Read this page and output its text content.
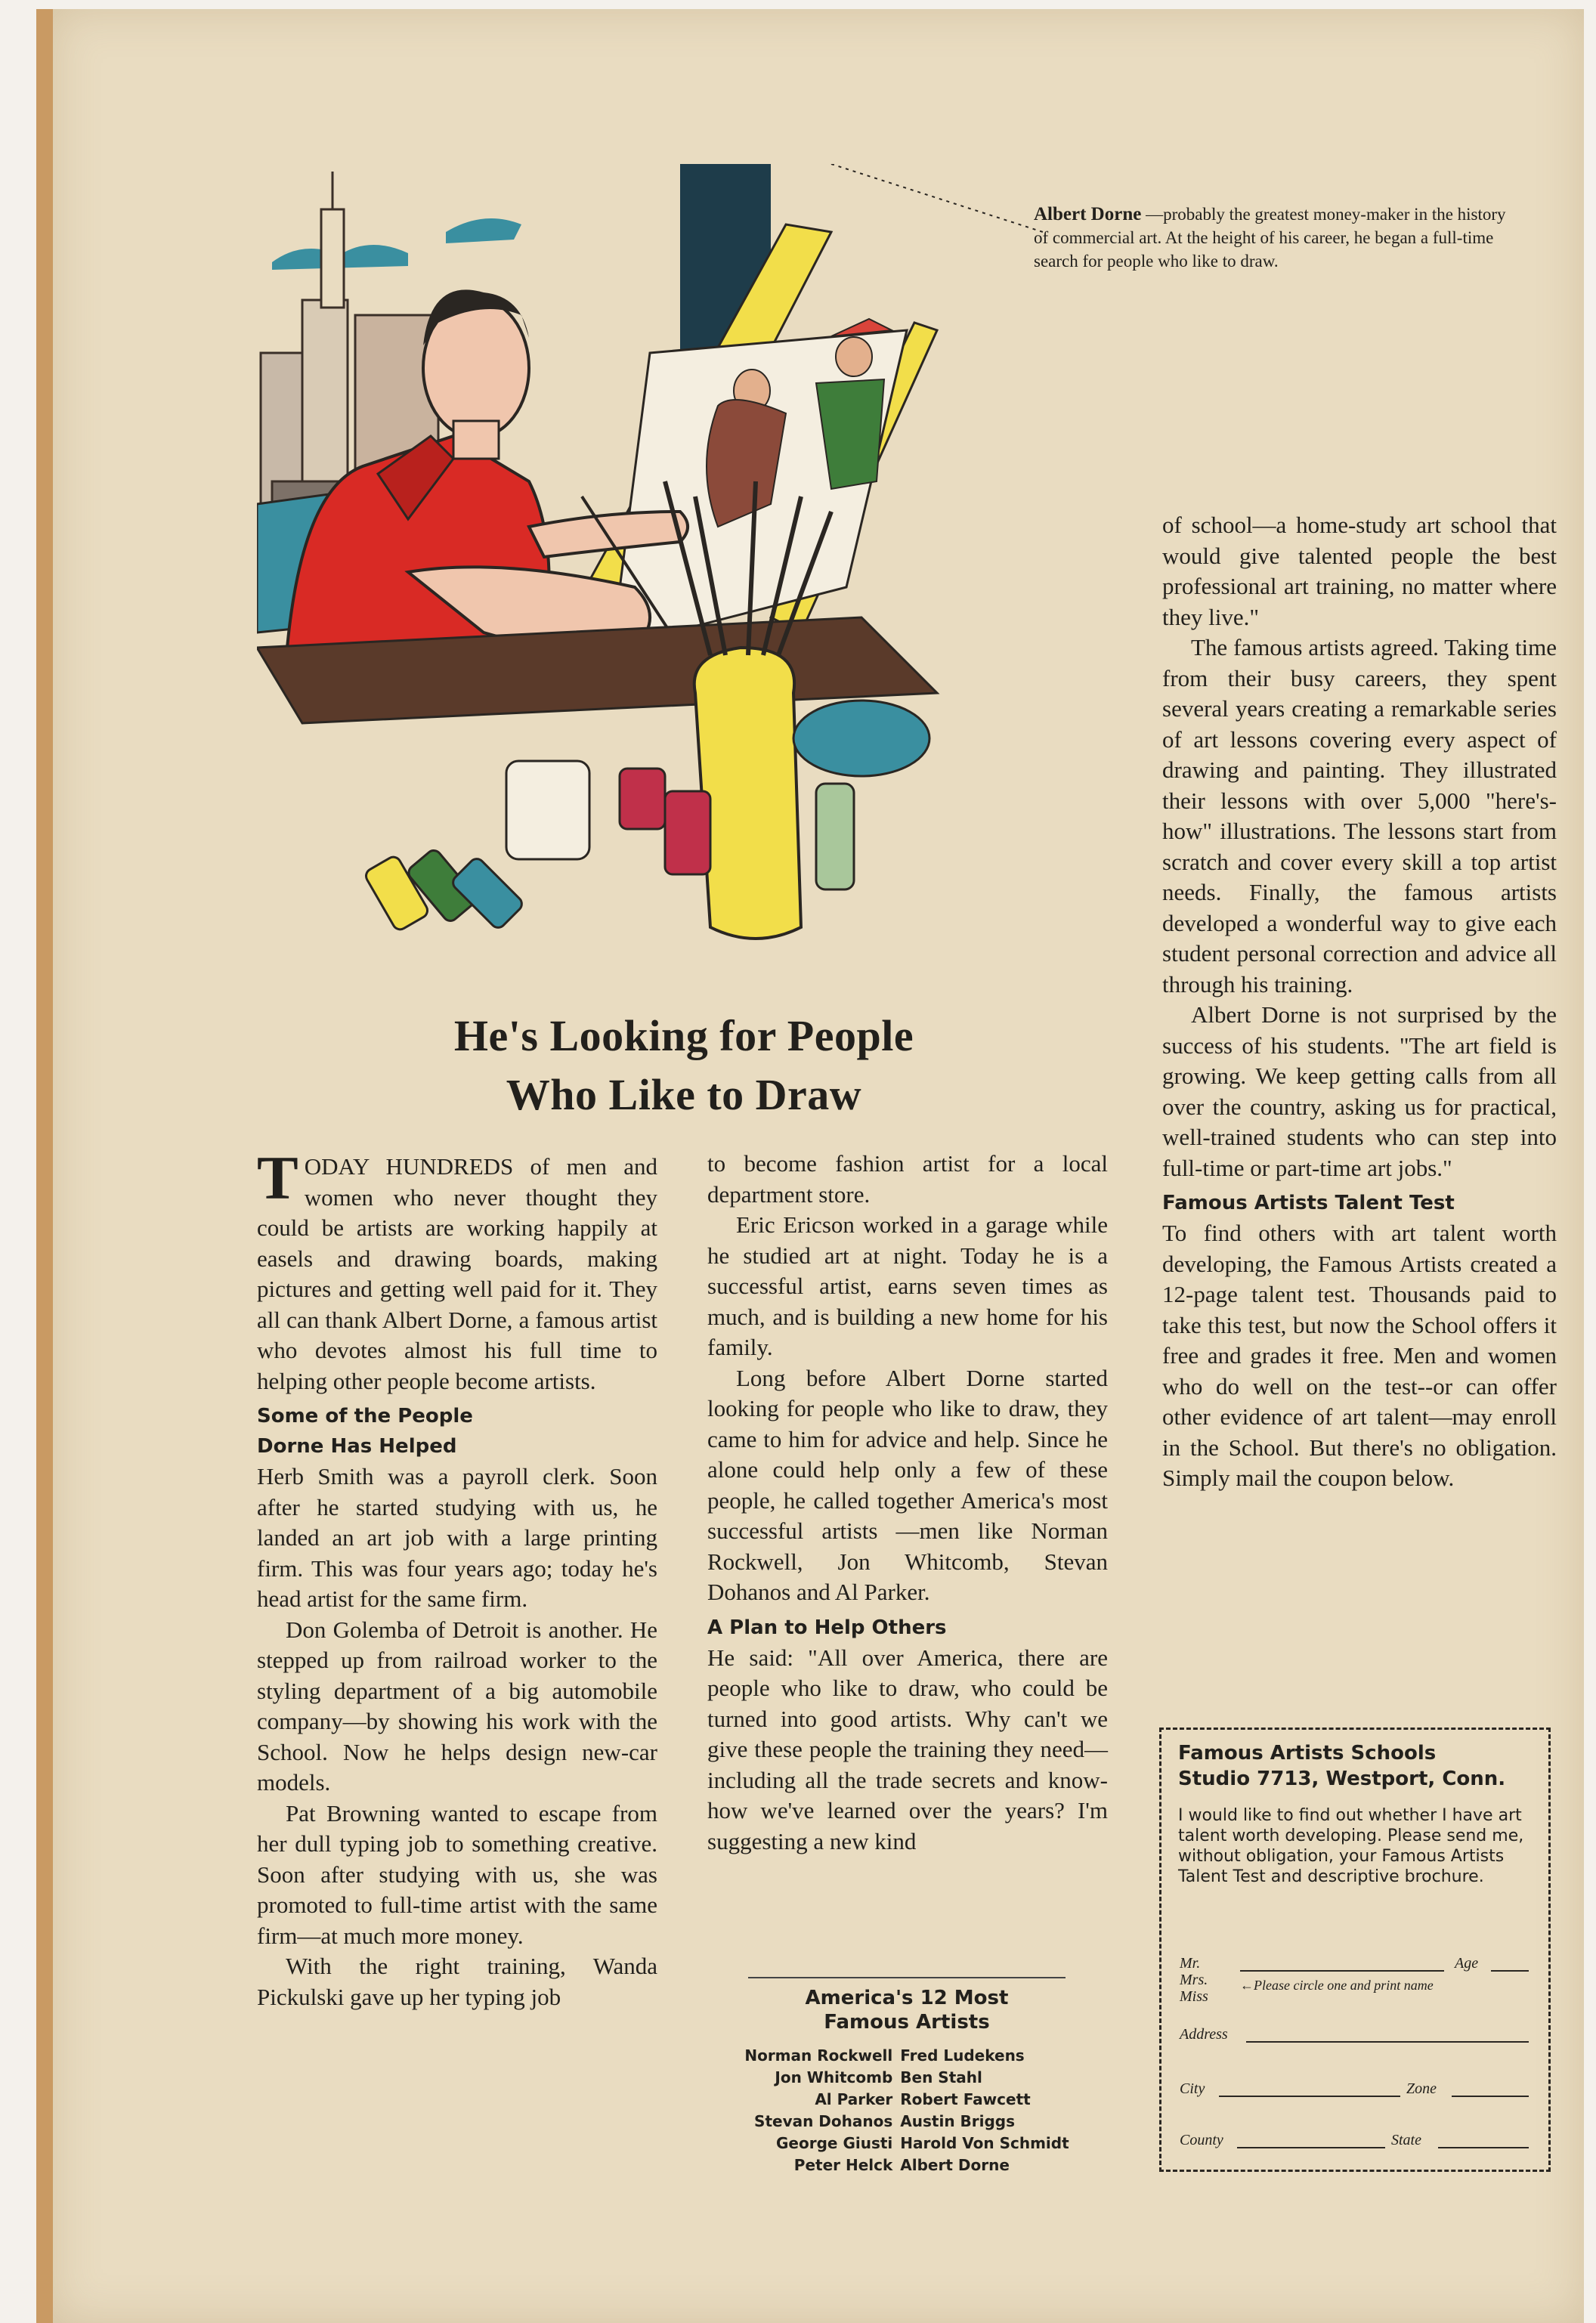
Albert Dorne —probably the greatest money-maker in the history of commercial art. At the height of his career, he began a full-time search for people who like to draw.
He's Looking for People
Who Like to Draw

TODAY HUNDREDS of men and women who never thought they could be artists are working happily at easels and drawing boards, making pictures and getting well paid for it. They all can thank Albert Dorne, a famous artist who devotes almost his full time to helping other people become artists.

Some of the People
Dorne Has Helped

Herb Smith was a payroll clerk. Soon after he started studying with us, he landed an art job with a large printing firm. This was four years ago; today he's head artist for the same firm.

Don Golemba of Detroit is another. He stepped up from railroad worker to the styling department of a big automobile company—by showing his work with the School. Now he helps design new-car models.

Pat Browning wanted to escape from her dull typing job to something creative. Soon after studying with us, she was promoted to full-time artist with the same firm—at much more money.

With the right training, Wanda Pickulski gave up her typing job

to become fashion artist for a local department store.

Eric Ericson worked in a garage while he studied art at night. Today he is a successful artist, earns seven times as much, and is building a new home for his family.

Long before Albert Dorne started looking for people who like to draw, they came to him for advice and help. Since he alone could help only a few of these people, he called together America's most successful artists —men like Norman Rockwell, Jon Whitcomb, Stevan Dohanos and Al Parker.

A Plan to Help Others

He said: "All over America, there are people who like to draw, who could be turned into good artists. Why can't we give these people the training they need—including all the trade secrets and know-how we've learned over the years? I'm suggesting a new kind

of school—a home-study art school that would give talented people the best professional art training, no matter where they live."

The famous artists agreed. Taking time from their busy careers, they spent several years creating a remarkable series of art lessons covering every aspect of drawing and painting. They illustrated their lessons with over 5,000 "here's-how" illustrations. The lessons start from scratch and cover every skill a top artist needs. Finally, the famous artists developed a wonderful way to give each student personal correction and advice all through his training.

Albert Dorne is not surprised by the success of his students. "The art field is growing. We keep getting calls from all over the country, asking us for practical, well-trained students who can step into full-time or part-time art jobs."

Famous Artists Talent Test

To find others with art talent worth developing, the Famous Artists created a 12-page talent test. Thousands paid to take this test, but now the School offers it free and grades it free. Men and women who do well on the test--or can offer other evidence of art talent—may enroll in the School. But there's no obligation. Simply mail the coupon below.

America's 12 Most
Famous Artists
Norman Rockwell	Fred Ludekens
Jon Whitcomb	Ben Stahl
Al Parker	Robert Fawcett
Stevan Dohanos	Austin Briggs
George Giusti	Harold Von Schmidt
Peter Helck	Albert Dorne
Famous Artists Schools
Studio 7713, Westport, Conn.
I would like to find out whether I have art talent worth developing. Please send me, without obligation, your Famous Artists Talent Test and descriptive brochure.
Mr.
Mrs.
Miss
Age
←Please circle one and print name
Address
City	Zone
County	State
